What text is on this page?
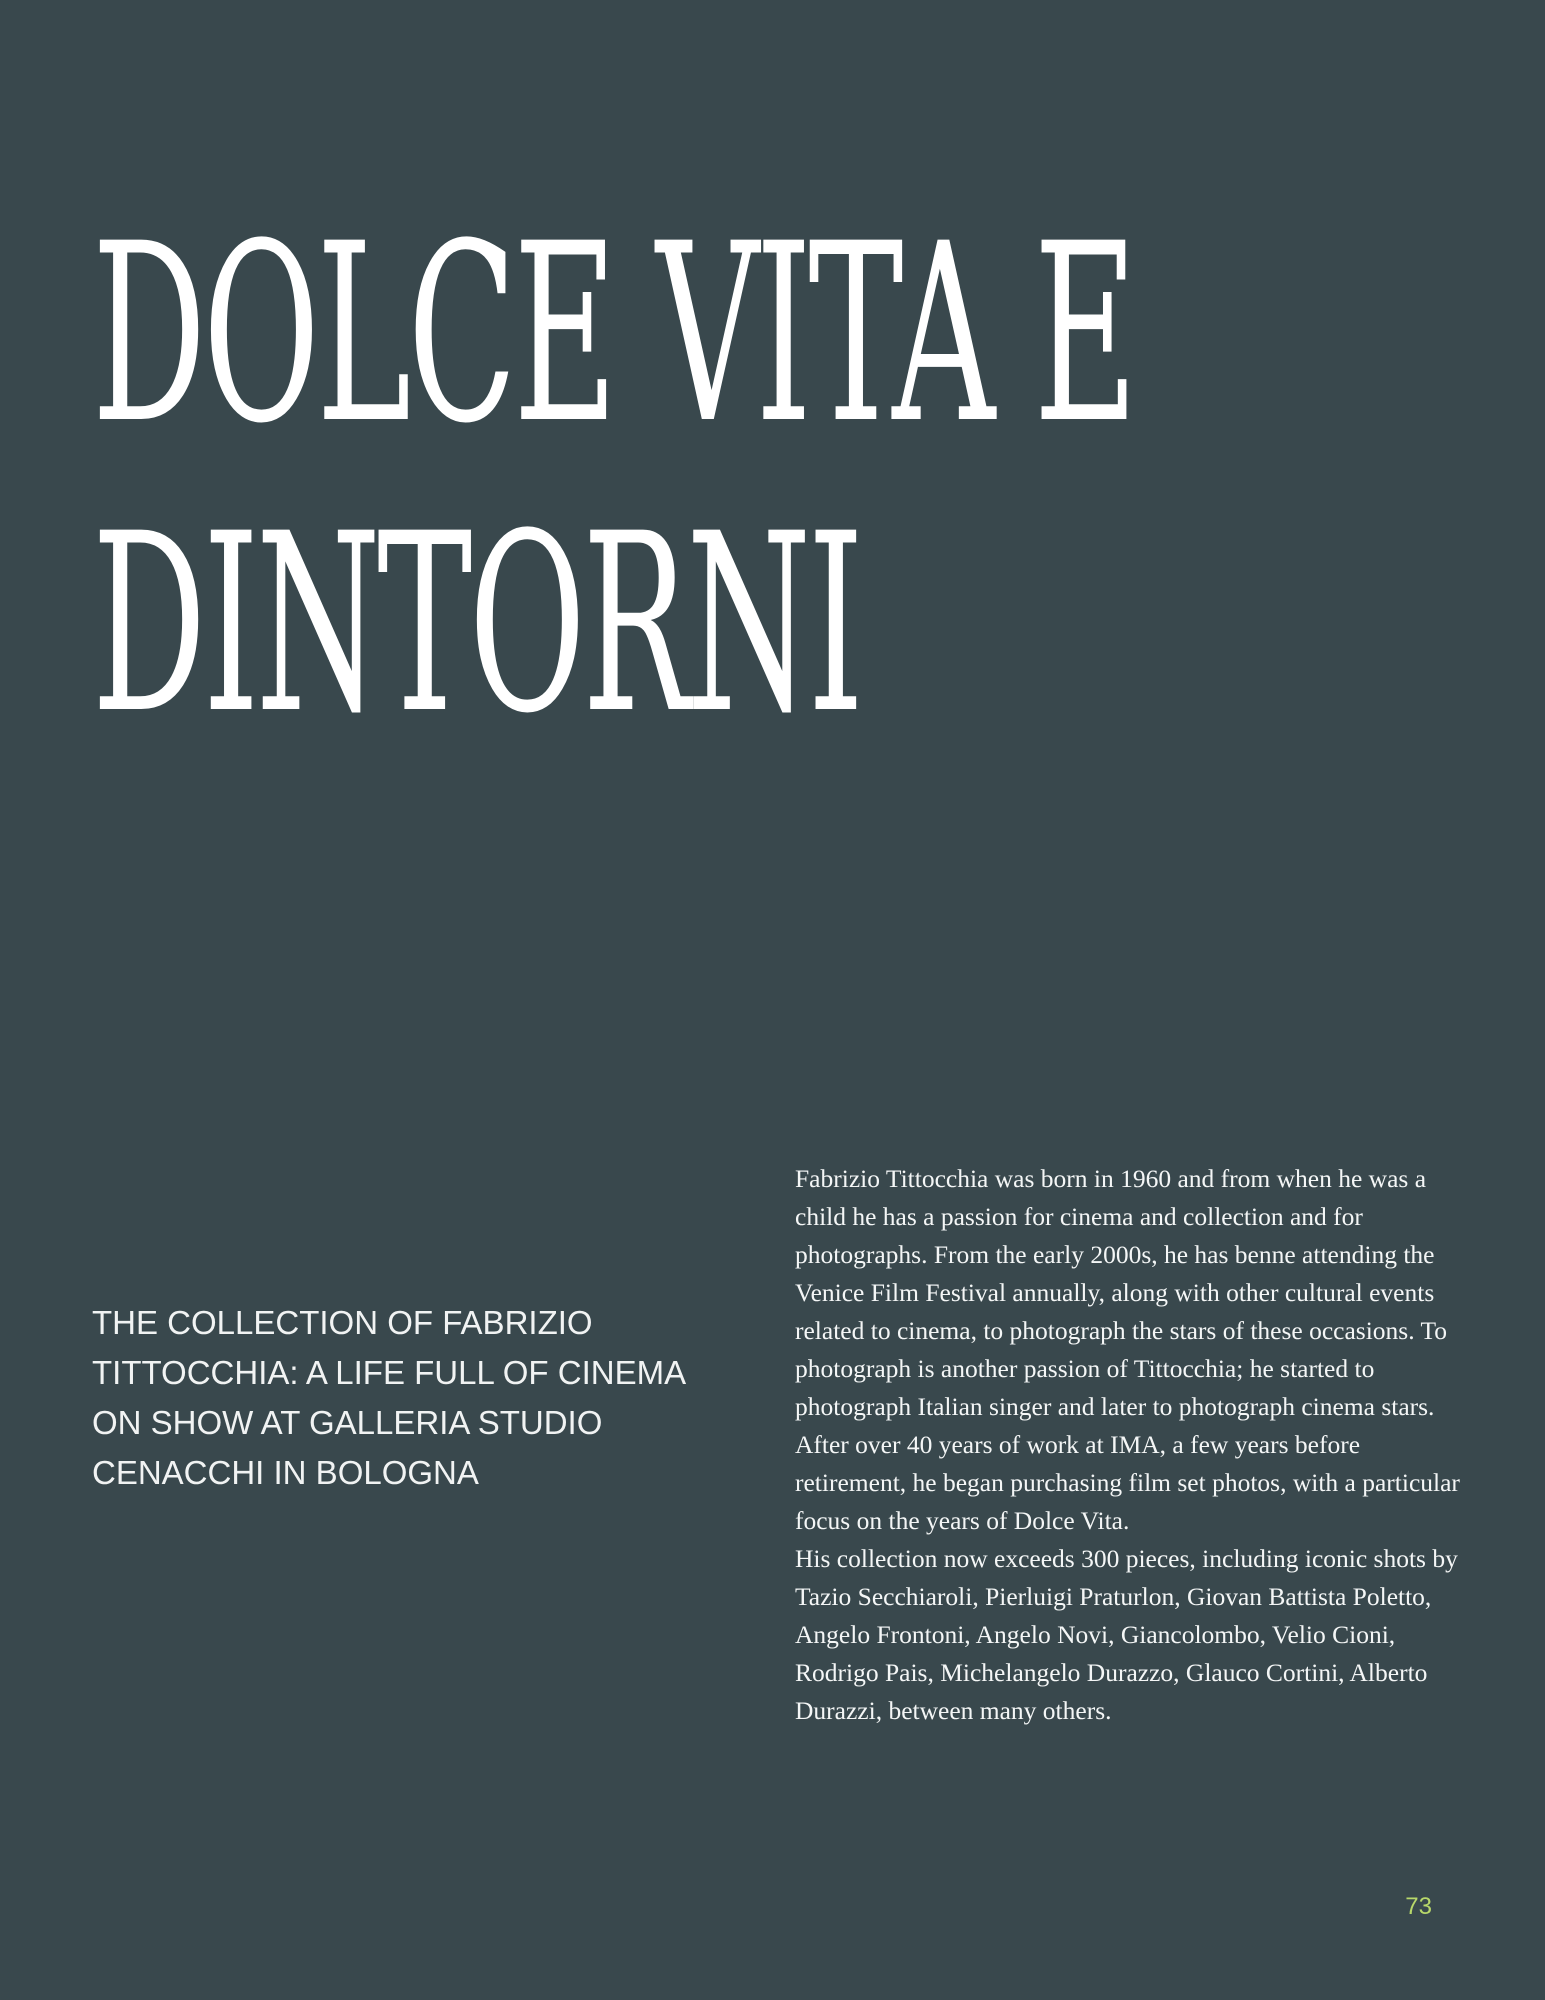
DOLCE VITA E
DINTORNI
THE COLLECTION OF FABRIZIO TITTOCCHIA: A LIFE FULL OF CINEMA ON SHOW AT GALLERIA STUDIO CENACCHI IN BOLOGNA

Fabrizio Tittocchia was born in 1960 and from when he was a child he has a passion for cinema and collection and for photographs. From the early 2000s, he has benne attending the Venice Film Festival annually, along with other cultural events related to cinema, to photograph the stars of these occasions. To photograph is another passion of Tittocchia; he started to photograph Italian singer and later to photograph cinema stars. After over 40 years of work at IMA, a few years before retirement, he began purchasing film set photos, with a particular focus on the years of Dolce Vita.

His collection now exceeds 300 pieces, including iconic shots by Tazio Secchiaroli, Pierluigi Praturlon, Giovan Battista Poletto, Angelo Frontoni, Angelo Novi, Giancolombo, Velio Cioni, Rodrigo Pais, Michelangelo Durazzo, Glauco Cortini, Alberto Durazzi, between many others.

73
